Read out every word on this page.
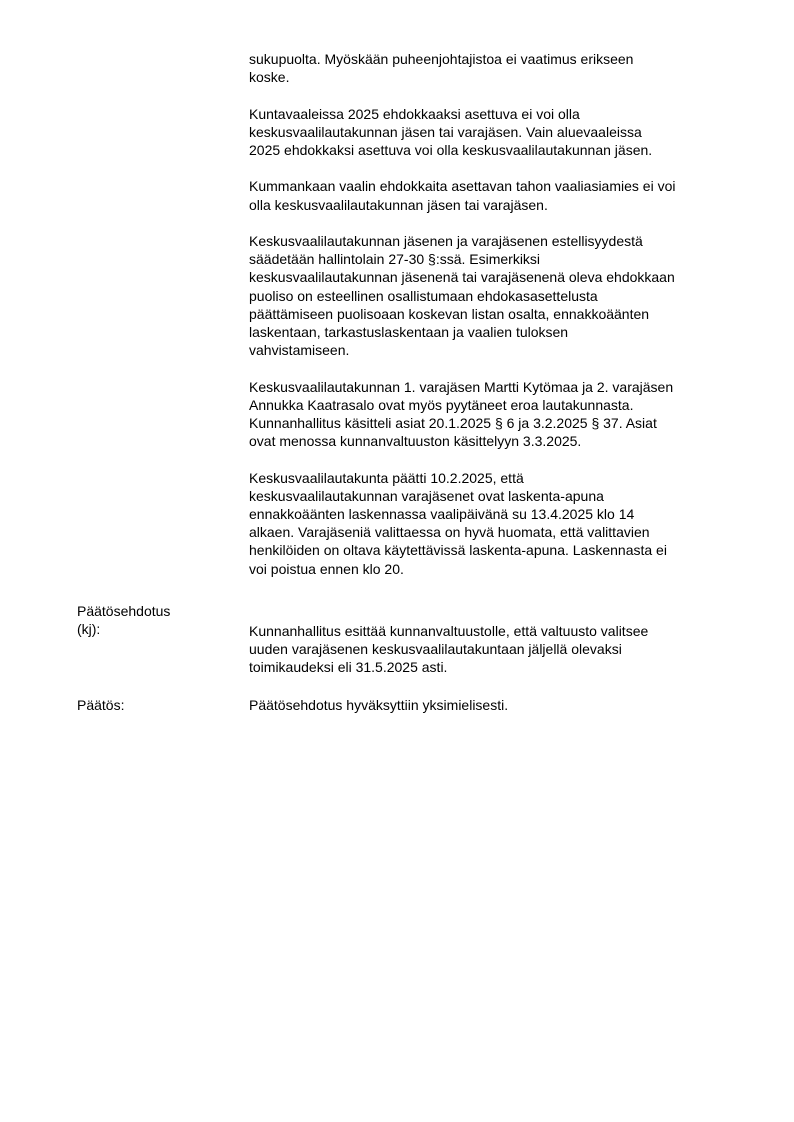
sukupuolta. Myöskään puheenjohtajistoa ei vaatimus erikseen
koske.

Kuntavaaleissa 2025 ehdokkaaksi asettuva ei voi olla
keskusvaalilautakunnan jäsen tai varajäsen. Vain aluevaaleissa
2025 ehdokkaksi asettuva voi olla keskusvaalilautakunnan jäsen.

Kummankaan vaalin ehdokkaita asettavan tahon vaaliasiamies ei voi
olla keskusvaalilautakunnan jäsen tai varajäsen.

Keskusvaalilautakunnan jäsenen ja varajäsenen estellisyydestä
säädetään hallintolain 27-30 §:ssä. Esimerkiksi
keskusvaalilautakunnan jäsenenä tai varajäsenenä oleva ehdokkaan
puoliso on esteellinen osallistumaan ehdokasasettelusta
päättämiseen puolisoaan koskevan listan osalta, ennakkoäänten
laskentaan, tarkastuslaskentaan ja vaalien tuloksen
vahvistamiseen.

Keskusvaalilautakunnan 1. varajäsen Martti Kytömaa ja 2. varajäsen
Annukka Kaatrasalo ovat myös pyytäneet eroa lautakunnasta.
Kunnanhallitus käsitteli asiat 20.1.2025 § 6 ja 3.2.2025 § 37. Asiat
ovat menossa kunnanvaltuuston käsittelyyn 3.3.2025.

Keskusvaalilautakunta päätti 10.2.2025, että
keskusvaalilautakunnan varajäsenet ovat laskenta-apuna
ennakkoäänten laskennassa vaalipäivänä su 13.4.2025 klo 14
alkaen. Varajäseniä valittaessa on hyvä huomata, että valittavien
henkilöiden on oltava käytettävissä laskenta-apuna. Laskennasta ei
voi poistua ennen klo 20.

Päätösehdotus
(kj):	Kunnanhallitus esittää kunnanvaltuustolle, että valtuusto valitsee
uuden varajäsenen keskusvaalilautakuntaan jäljellä olevaksi
toimikaudeksi eli 31.5.2025 asti.
Päätös:	Päätösehdotus hyväksyttiin yksimielisesti.
